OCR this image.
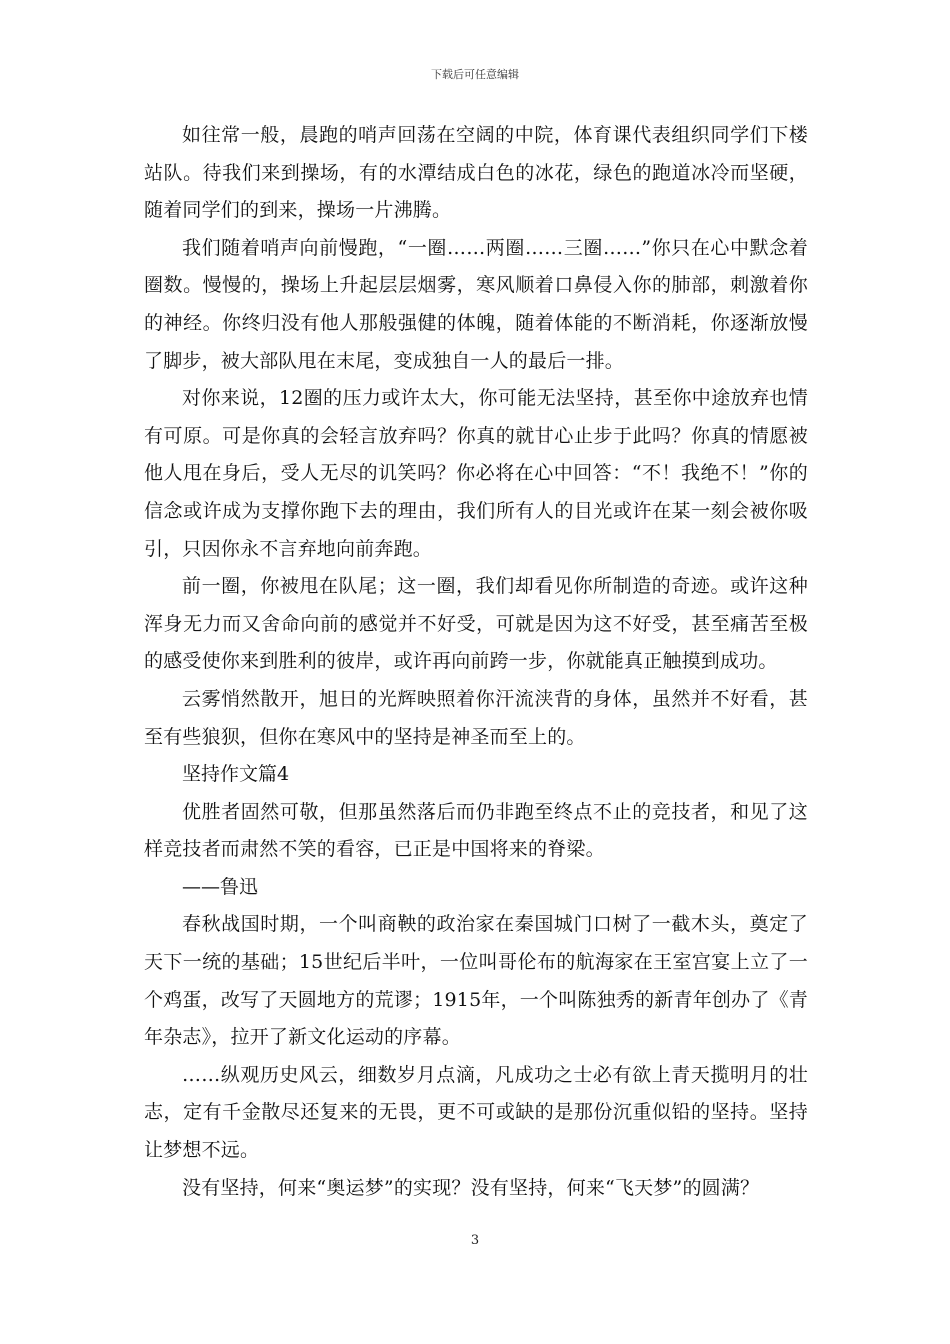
下载后可任意编辑

如往常一般，晨跑的哨声回荡在空阔的中院，体育课代表组织同学们下楼站队。待我们来到操场，有的水潭结成白色的冰花，绿色的跑道冰冷而坚硬，随着同学们的到来，操场一片沸腾。

我们随着哨声向前慢跑，“一圈……两圈……三圈……”你只在心中默念着圈数。慢慢的，操场上升起层层烟雾，寒风顺着口鼻侵入你的肺部，刺激着你的神经。你终归没有他人那般强健的体魄，随着体能的不断消耗，你逐渐放慢了脚步，被大部队甩在末尾，变成独自一人的最后一排。

对你来说，12圈的压力或许太大，你可能无法坚持，甚至你中途放弃也情有可原。可是你真的会轻言放弃吗？你真的就甘心止步于此吗？你真的情愿被他人甩在身后，受人无尽的讥笑吗？你必将在心中回答：“不！我绝不！”你的信念或许成为支撑你跑下去的理由，我们所有人的目光或许在某一刻会被你吸引，只因你永不言弃地向前奔跑。

前一圈，你被甩在队尾；这一圈，我们却看见你所制造的奇迹。或许这种浑身无力而又舍命向前的感觉并不好受，可就是因为这不好受，甚至痛苦至极的感受使你来到胜利的彼岸，或许再向前跨一步，你就能真正触摸到成功。

云雾悄然散开，旭日的光辉映照着你汗流浃背的身体，虽然并不好看，甚至有些狼狈，但你在寒风中的坚持是神圣而至上的。

坚持作文篇4

优胜者固然可敬，但那虽然落后而仍非跑至终点不止的竞技者，和见了这样竞技者而肃然不笑的看容，已正是中国将来的脊梁。

——鲁迅

春秋战国时期，一个叫商鞅的政治家在秦国城门口树了一截木头，奠定了天下一统的基础；15世纪后半叶，一位叫哥伦布的航海家在王室宫宴上立了一个鸡蛋，改写了天圆地方的荒谬；1915年，一个叫陈独秀的新青年创办了《青年杂志》，拉开了新文化运动的序幕。

……纵观历史风云，细数岁月点滴，凡成功之士必有欲上青天揽明月的壮志，定有千金散尽还复来的无畏，更不可或缺的是那份沉重似铅的坚持。坚持让梦想不远。

没有坚持，何来“奥运梦”的实现？没有坚持，何来“飞天梦”的圆满？

3
